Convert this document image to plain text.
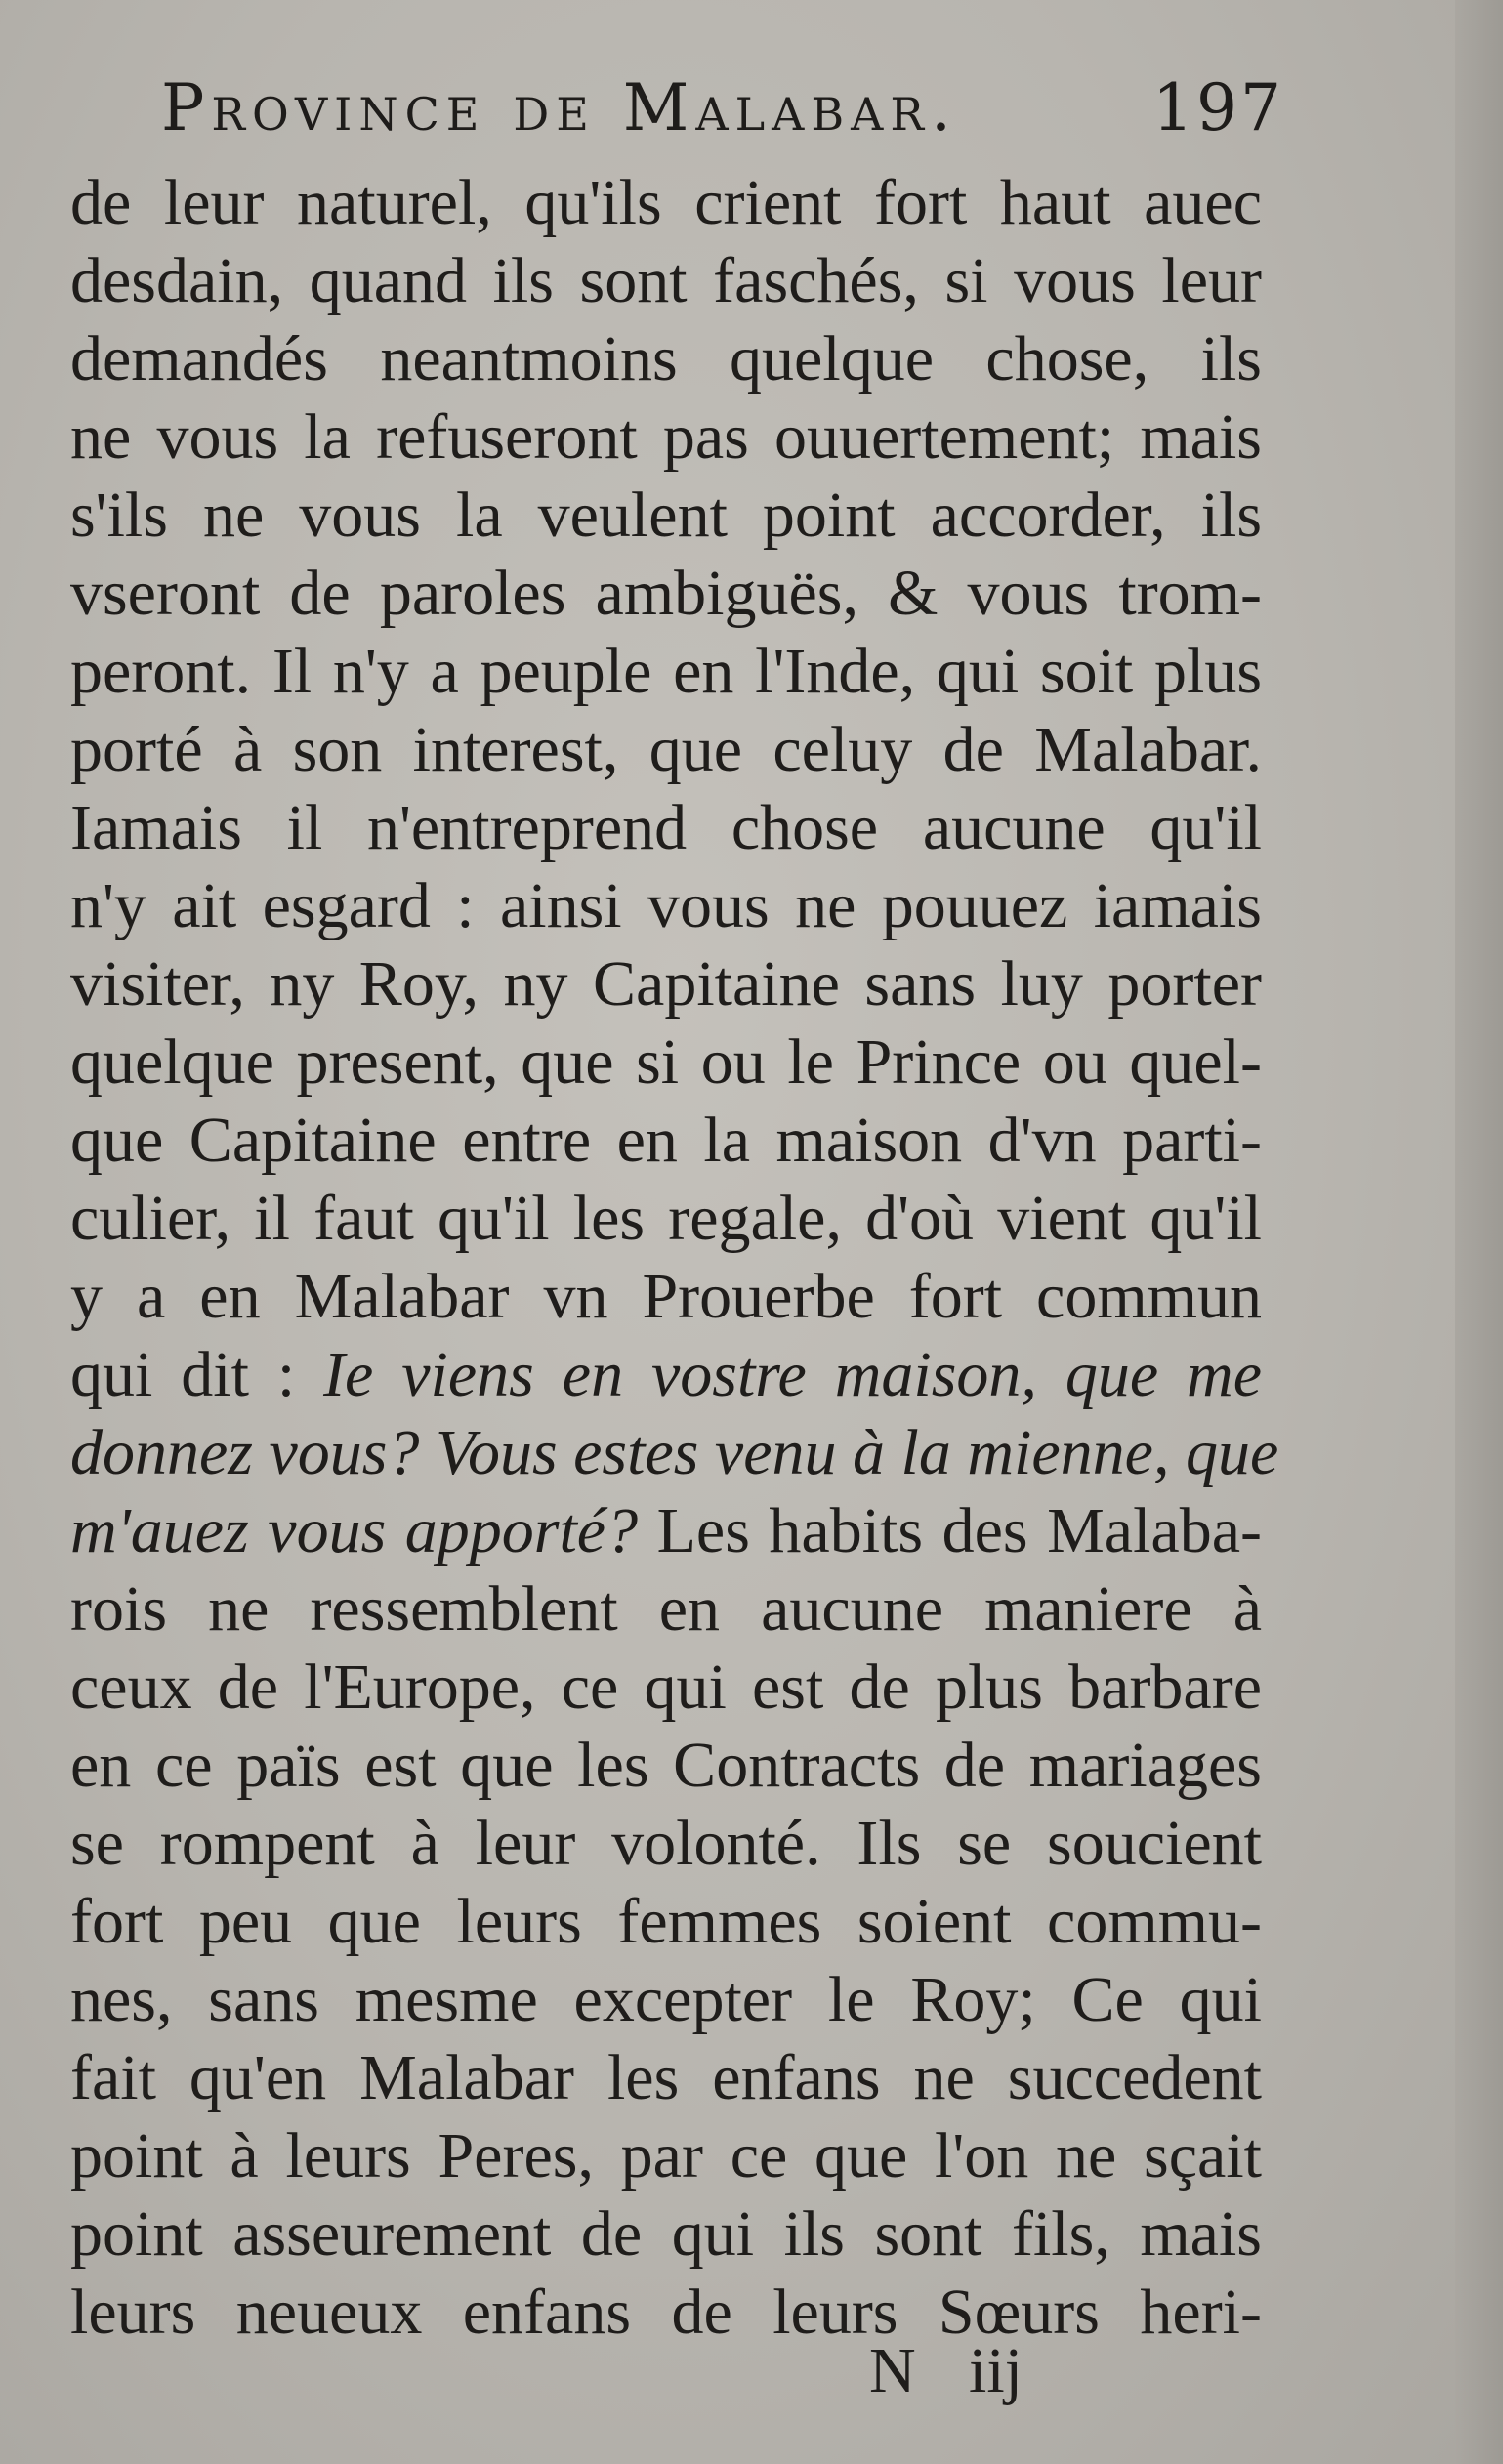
Province de Malabar.	197
de leur naturel, qu'ils crient fort haut auec
desdain, quand ils sont faschés, si vous leur
demandés neantmoins quelque chose, ils
ne vous la refuseront pas ouuertement; mais
s'ils ne vous la veulent point accorder, ils
vseront de paroles ambiguës, & vous trom-
peront. Il n'y a peuple en l'Inde, qui soit plus
porté à son interest, que celuy de Malabar.
Iamais il n'entreprend chose aucune qu'il
n'y ait esgard : ainsi vous ne pouuez iamais
visiter, ny Roy, ny Capitaine sans luy porter
quelque present, que si ou le Prince ou quel-
que Capitaine entre en la maison d'vn parti-
culier, il faut qu'il les regale, d'où vient qu'il
y a en Malabar vn Prouerbe fort commun
qui dit : Ie viens en vostre maison, que me
donnez vous? Vous estes venu à la mienne, que
m'auez vous apporté? Les habits des Malaba-
rois ne ressemblent en aucune maniere à
ceux de l'Europe, ce qui est de plus barbare
en ce païs est que les Contracts de mariages
se rompent à leur volonté. Ils se soucient
fort peu que leurs femmes soient commu-
nes, sans mesme excepter le Roy; Ce qui
fait qu'en Malabar les enfans ne succedent
point à leurs Peres, par ce que l'on ne sçait
point asseurement de qui ils sont fils, mais
leurs neueux enfans de leurs Sœurs heri-
N iij
